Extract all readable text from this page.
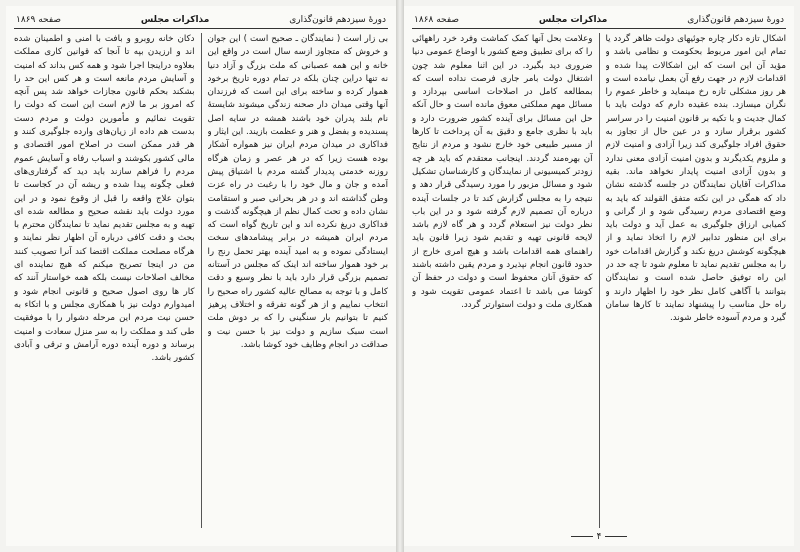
دورهٔ سیزدهم قانون‌گذاری
مذاکرات مجلس
صفحه ۱۸۶۹

بی زار است ( نمایندگان ـ صحیح است ) این جوان و خروش که متجاوز ازسه سال است در واقع این خانه و این همه عصبانی که ملت بزرگ و آزاد دنیا نه تنها دراین چنان بلکه در تمام دوره تاریخ برخود هموار کرده و ساخته برای این است که فرزندان آنها وقتی میدان دار صحنه زندگی میشوند شایستهٔ نام بلند پدران خود باشند همشه در سایه اصل پسندیده و بفضل و هنر و عظمت بازیند. این ایثار و فداکاری در میدان مردم ایران نیز همواره آشکار بوده هست زیرا که در هر عصر و زمان هرگاه روزنه خدمتی پدیدار گشته مردم با اشتیاق پیش آمده و جان و مال خود را با رغبت در راه عزت وطن گذاشته اند و در هر بحرانی صبر و استقامت نشان داده و تحت کمال نظم از هیچگونه گذشت و فداکاری دریغ نکرده اند و این تاریخ گواه است که مردم ایران همیشه در برابر پیشامدهای سخت ایستادگی نموده و به امید آینده بهتر تحمل رنج را بر خود هموار ساخته اند اینک که مجلس در آستانه تصمیم بزرگی قرار دارد باید با نظر وسیع و دقت کامل و با توجه به مصالح عالیه کشور راه صحیح را انتخاب نماییم و از هر گونه تفرقه و اختلاف پرهیز کنیم تا بتوانیم بار سنگینی را که بر دوش ملت است سبک سازیم و دولت نیز با حسن نیت و صداقت در انجام وظایف خود کوشا باشد.

دکان خانه روبرو و بافت با امنی و اطمینان شده اند و ارزیدن بپه تا آنجا که قوانین کاری مملکت بعلاوه دراینجا اجرا شود و همه کس بداند که امنیت و آسایش مردم مانعه است و هر کس این حد را بشکند بحکم قانون مجازات خواهد شد پس آنچه که امروز بر ما لازم است این است که دولت را تقویت نمائیم و مأمورین دولت و مردم دست بدست هم داده از زیان‌های وارده جلوگیری کنند و هر قدر ممکن است در اصلاح امور اقتصادی و مالی کشور بکوشند و اسباب رفاه و آسایش عموم مردم را فراهم سازند باید دید که گرفتاری‌های فعلی چگونه پیدا شده و ریشه آن در کجاست تا بتوان علاج واقعه را قبل از وقوع نمود و در این مورد دولت باید نقشه صحیح و مطالعه شده ای تهیه و به مجلس تقدیم نماید تا نمایندگان محترم با بحث و دقت کافی درباره آن اظهار نظر نمایند و هرگاه مصلحت مملکت اقتضا کند آنرا تصویب کنند من در اینجا تصریح میکنم که هیچ نماینده ای مخالف اصلاحات نیست بلکه همه خواستار آنند که کار ها روی اصول صحیح و قانونی انجام شود و امیدوارم دولت نیز با همکاری مجلس و با اتکاء به حسن نیت مردم این مرحله دشوار را با موفقیت طی کند و مملکت را به سر منزل سعادت و امنیت برساند و دوره آینده دوره آرامش و ترقی و آبادی کشور باشد.

دورهٔ سیزدهم قانون‌گذاری
مذاکرات مجلس
صفحه ۱۸۶۸

اشکال تازه دکار چاره جوئیهای دولت ظاهر گردد یا تمام این امور مربوط بحکومت و نظامی باشد و مؤید آن این است که این اشکالات پیدا شده و اقدامات لازم در جهت رفع آن بعمل نیامده است و هر روز مشکلی تازه رخ مینماید و خاطر عموم را نگران میسازد. بنده عقیده دارم که دولت باید با کمال جدیت و با تکیه بر قانون امنیت را در سراسر کشور برقرار سازد و در عین حال از تجاوز به حقوق افراد جلوگیری کند زیرا آزادی و امنیت لازم و ملزوم یکدیگرند و بدون امنیت آزادی معنی ندارد و بدون آزادی امنیت پایدار نخواهد ماند. بقیه مذاکرات آقایان نمایندگان در جلسه گذشته نشان داد که همگی در این نکته متفق القولند که باید به وضع اقتصادی مردم رسیدگی شود و از گرانی و کمیابی ارزاق جلوگیری به عمل آید و دولت باید برای این منظور تدابیر لازم را اتخاذ نماید و از هیچگونه کوشش دریغ نکند و گزارش اقدامات خود را به مجلس تقدیم نماید تا معلوم شود تا چه حد در این راه توفیق حاصل شده است و نمایندگان بتوانند با آگاهی کامل نظر خود را اظهار دارند و راه حل مناسب را پیشنهاد نمایند تا کارها سامان گیرد و مردم آسوده خاطر شوند.

وعلامت بحل آنها کمک کماشت وفرد خرد راههائی را که برای تطبیق وضع کشور با اوضاع عمومی دنیا ضروری دید بگیرد. در این اثنا معلوم شد چون اشتغال دولت بامر جاری فرصت نداده است که بمطالعه کامل در اصلاحات اساسی بپردازد و مسائل مهم مملکتی معوق مانده است و حال آنکه حل این مسائل برای آینده کشور ضرورت دارد و باید با نظری جامع و دقیق به آن پرداخت تا کارها از مسیر طبیعی خود خارج نشود و مردم از نتایج آن بهره‌مند گردند. اینجانب معتقدم که باید هر چه زودتر کمیسیونی از نمایندگان و کارشناسان تشکیل شود و مسائل مزبور را مورد رسیدگی قرار دهد و نتیجه را به مجلس گزارش کند تا در جلسات آینده درباره آن تصمیم لازم گرفته شود و در این باب نظر دولت نیز استعلام گردد و هر گاه لازم باشد لایحه قانونی تهیه و تقدیم شود زیرا قانون باید راهنمای همه اقدامات باشد و هیچ امری خارج از حدود قانون انجام نپذیرد و مردم یقین داشته باشند که حقوق آنان محفوظ است و دولت در حفظ آن کوشا می باشد تا اعتماد عمومی تقویت شود و همکاری ملت و دولت استوارتر گردد.

۴
